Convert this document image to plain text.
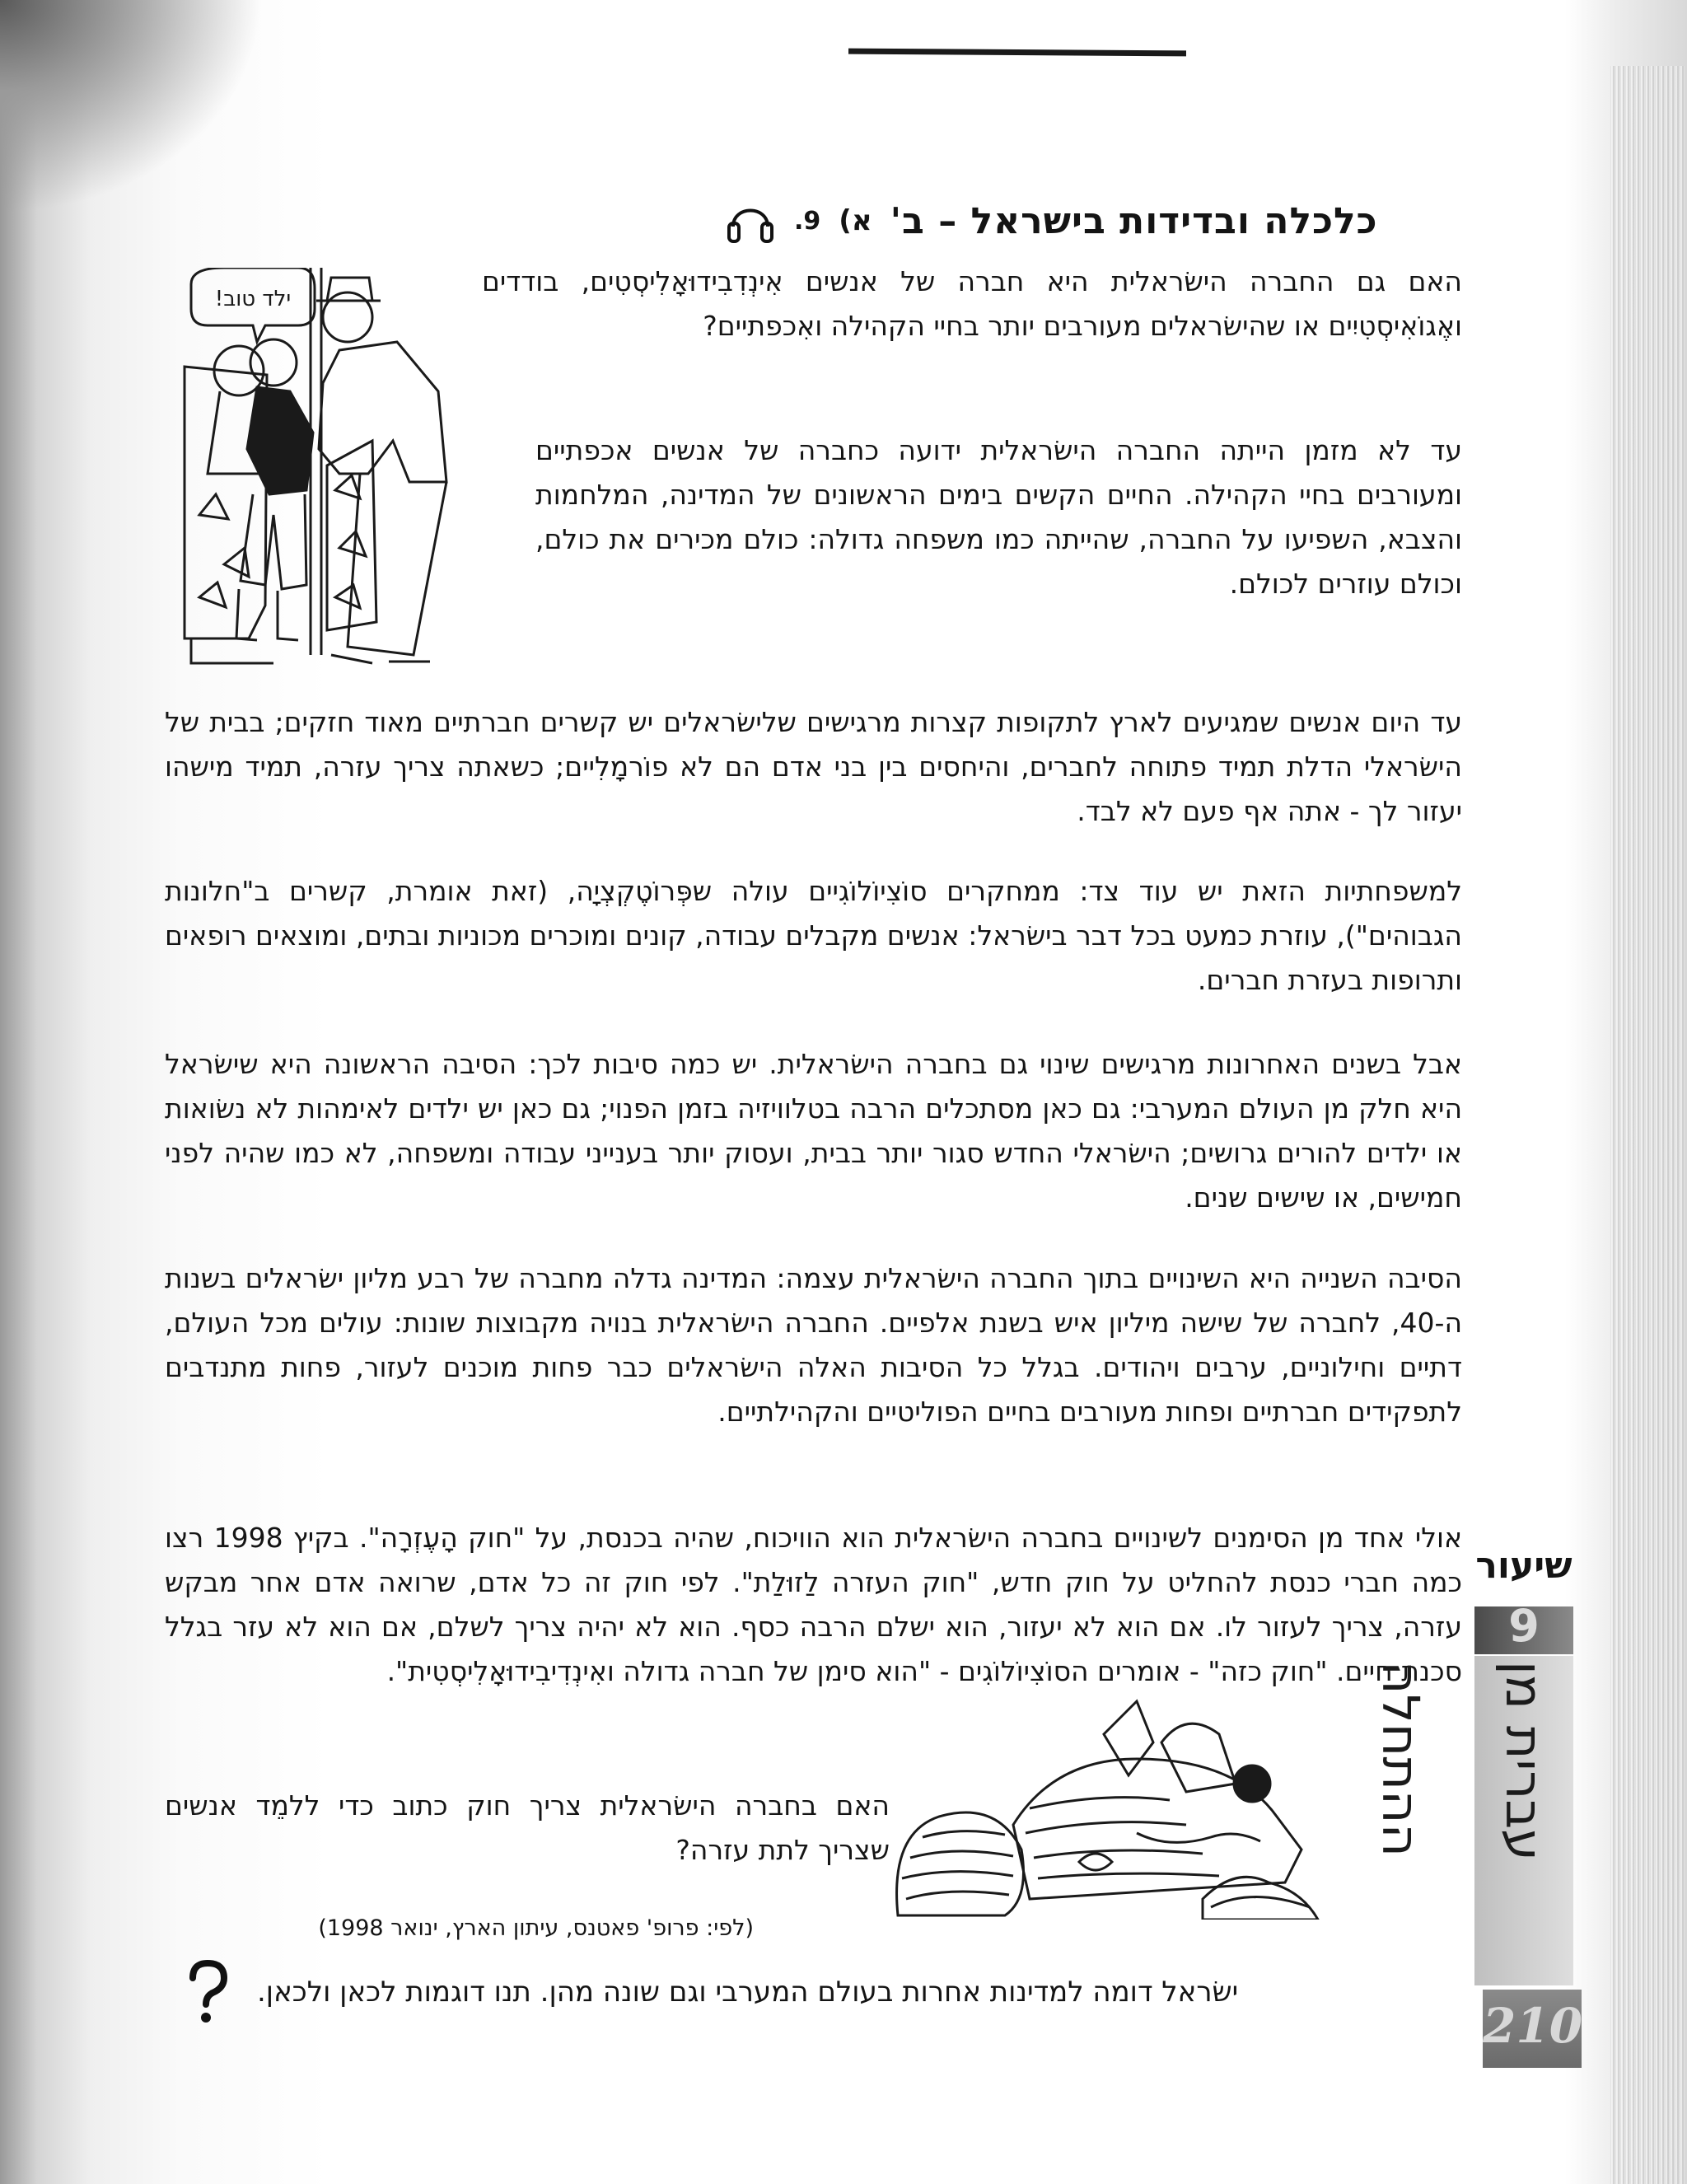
9. א) כלכלה ובדידות בישראל – ב'
ילד טוב!
האם גם החברה הישׂראלית היא חברה של אנשים אִינְדִבִידוּאָלִיסְטִים, בודדים ואֶגוֹאִיסְטִיִים או שהישׂראלים מעורבים יותר בחיי הקהילה ואִכפתיים?
עד לא מזמן הייתה החברה הישׂראלית ידועה כחברה של אנשים אכפתיים ומעורבים בחיי הקהילה. החיים הקשים בימים הראשונים של המדינה, המלחמות והצבא, השפיעו על החברה, שהייתה כמו משפחה גדולה: כולם מכירים את כולם, וכולם עוזרים לכולם.
עד היום אנשים שמגיעים לארץ לתקופות קצרות מרגישים שלישׂראלים יש קשרים חברתיים מאוד חזקים; בבית של הישׂראלי הדלת תמיד פתוחה לחברים, והיחסים בין בני אדם הם לא פוֹרמָלִיים; כשאתה צריך עזרה, תמיד מישהו יעזור לך - אתה אף פעם לא לבד.
למשפחתיות הזאת יש עוד צד: ממחקרים סוֹצִיוֹלוֹגִיים עולה שפְּרוֹטֶקְצְיָה, (זאת אומרת, קשרים ב"חלונות הגבוהים"), עוזרת כמעט בכל דבר בישׂראל: אנשים מקבלים עבודה, קונים ומוכרים מכוניות ובתים, ומוצאים רופאים ותרופות בעזרת חברים.
אבל בשנים האחרונות מרגישים שינוי גם בחברה הישׂראלית. יש כמה סיבות לכך: הסיבה הראשונה היא שישׂראל היא חלק מן העולם המערבי: גם כאן מסתכלים הרבה בטלוויזיה בזמן הפנוי; גם כאן יש ילדים לאימהות לא נשׂואות או ילדים להורים גרושים; הישׂראלי החדש סגור יותר בבית, ועסוק יותר בענייני עבודה ומשפחה, לא כמו שהיה לפני חמישים, או שישים שנים.
הסיבה השנייה היא השינויים בתוך החברה הישׂראלית עצמה: המדינה גדלה מחברה של רבע מליון ישׂראלים בשנות ה-40, לחברה של שישה מיליון איש בשנת אלפיים. החברה הישׂראלית בנויה מקבוצות שונות: עולים מכל העולם, דתיים וחילוניים, ערבים ויהודים. בגלל כל הסיבות האלה הישׂראלים כבר פחות מוכנים לעזור, פחות מתנדבים לתפקידים חברתיים ופחות מעורבים בחיים הפוליטיים והקהילתיים.
אולי אחד מן הסימנים לשינויים בחברה הישׂראלית הוא הוויכוח, שהיה בכנסת, על "חוק הָעֶזְרָה". בקיץ 1998 רצו כמה חברי כנסת להחליט על חוק חדש, "חוק העזרה לַזוּלַת". לפי חוק זה כל אדם, שרואה אדם אחר מבקש עזרה, צריך לעזור לו. אם הוא לא יעזור, הוא ישלם הרבה כסף. הוא לא יהיה צריך לשלם, אם הוא לא עזר בגלל סכנת חיים. "חוק כזה" - אומרים הסוֹצִיוֹלוֹגִים - "הוא סימן של חברה גדולה ואִינְדִיבִידוּאָלִיסְטִית".
האם בחברה הישׂראלית צריך חוק כתוב כדי ללמֵד אנשים שצריך לתת עזרה?
(לפי: פרופ' פאטנס, עיתון הארץ, ינואר 1998)
ישׂראל דומה למדינות אחרות בעולם המערבי וגם שונה מהן. תנו דוגמות לכאן ולכאן.
שיעור
9
עברית מן ההתחלה
210
